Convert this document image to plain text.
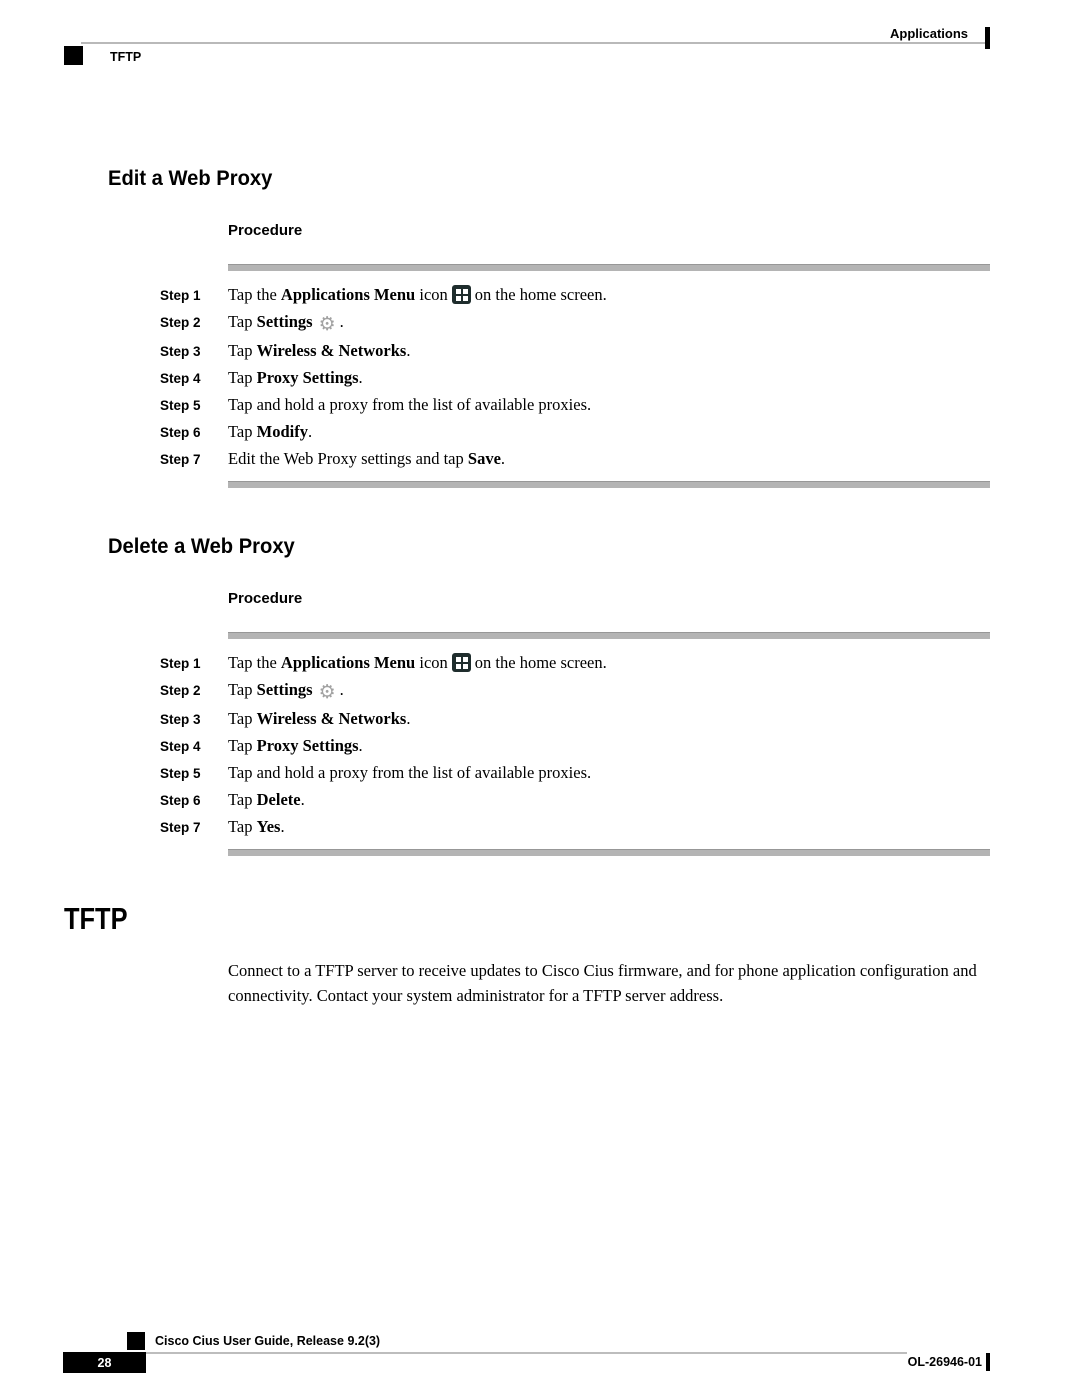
Applications
TFTP
Edit a Web Proxy
Procedure
Step 1	Tap the Applications Menu icon on the home screen.
Step 2	Tap Settings ⚙ .
Step 3	Tap Wireless & Networks.
Step 4	Tap Proxy Settings.
Step 5	Tap and hold a proxy from the list of available proxies.
Step 6	Tap Modify.
Step 7	Edit the Web Proxy settings and tap Save.
Delete a Web Proxy
Procedure
Step 1	Tap the Applications Menu icon on the home screen.
Step 2	Tap Settings ⚙ .
Step 3	Tap Wireless & Networks.
Step 4	Tap Proxy Settings.
Step 5	Tap and hold a proxy from the list of available proxies.
Step 6	Tap Delete.
Step 7	Tap Yes.
TFTP

Connect to a TFTP server to receive updates to Cisco Cius firmware, and for phone application configuration and connectivity. Contact your system administrator for a TFTP server address.

Cisco Cius User Guide, Release 9.2(3)
28	OL-26946-01
